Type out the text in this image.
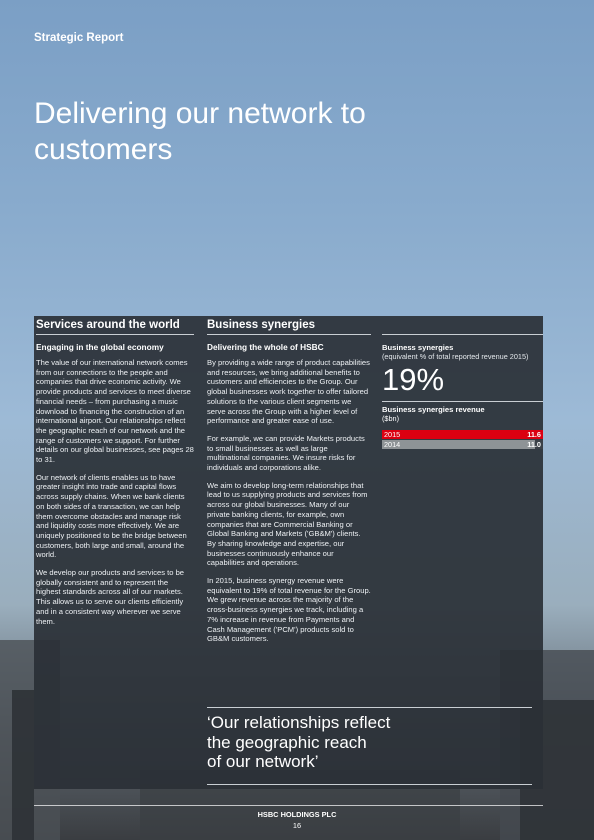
Strategic Report
Delivering our network to customers
Services around the world
Engaging in the global economy

The value of our international network comes from our connections to the people and companies that drive economic activity. We provide products and services to meet diverse financial needs – from purchasing a music download to financing the construction of an international airport. Our relationships reflect the geographic reach of our network and the range of customers we support. For further details on our global businesses, see pages 28 to 31.

Our network of clients enables us to have greater insight into trade and capital flows across supply chains. When we bank clients on both sides of a transaction, we can help them overcome obstacles and manage risk and liquidity costs more effectively. We are uniquely positioned to be the bridge between customers, both large and small, around the world.

We develop our products and services to be globally consistent and to represent the highest standards across all of our markets. This allows us to serve our clients efficiently and in a consistent way wherever we serve them.

Business synergies
Delivering the whole of HSBC

By providing a wide range of product capabilities and resources, we bring additional benefits to customers and efficiencies to the Group. Our global businesses work together to offer tailored solutions to the various client segments we serve across the Group with a higher level of performance and greater ease of use.

For example, we can provide Markets products to small businesses as well as large multinational companies. We insure risks for individuals and corporations alike.

We aim to develop long-term relationships that lead to us supplying products and services from across our global businesses. Many of our private banking clients, for example, own companies that are Commercial Banking or Global Banking and Markets ('GB&M') clients. By sharing knowledge and expertise, our businesses continuously enhance our capabilities and operations.

In 2015, business synergy revenue were equivalent to 19% of total revenue for the Group. We grew revenue across the majority of the cross-business synergies we track, including a 7% increase in revenue from Payments and Cash Management ('PCM') products sold to GB&M customers.

Business synergies
(equivalent % of total reported revenue 2015)
19%
Business synergies revenue
($bn)
2015	11.6
2014	11.0
‘Our relationships reflect
the geographic reach
of our network’
HSBC HOLDINGS PLC
16
